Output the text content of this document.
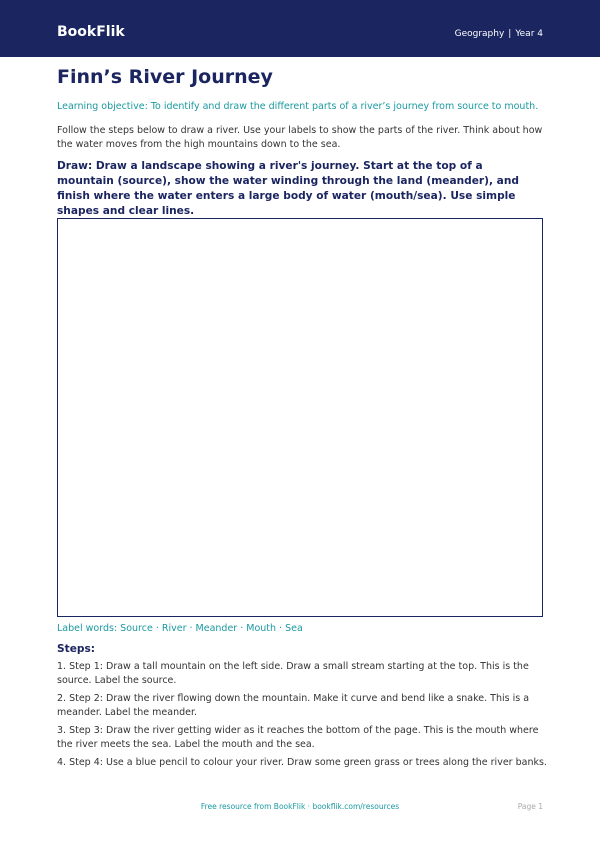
BookFlik	Geography | Year 4
Finn’s River Journey
Learning objective: To identify and draw the different parts of a river’s journey from source to mouth.
Follow the steps below to draw a river. Use your labels to show the parts of the river. Think about how the water moves from the high mountains down to the sea.
Draw: Draw a landscape showing a river's journey. Start at the top of a mountain (source), show the water winding through the land (meander), and finish where the water enters a large body of water (mouth/sea). Use simple shapes and clear lines.
Label words: Source · River · Meander · Mouth · Sea
Steps:
1. Step 1: Draw a tall mountain on the left side. Draw a small stream starting at the top. This is the source. Label the source.
2. Step 2: Draw the river flowing down the mountain. Make it curve and bend like a snake. This is a meander. Label the meander.
3. Step 3: Draw the river getting wider as it reaches the bottom of the page. This is the mouth where the river meets the sea. Label the mouth and the sea.
4. Step 4: Use a blue pencil to colour your river. Draw some green grass or trees along the river banks.
Free resource from BookFlik · bookflik.com/resources	Page 1
